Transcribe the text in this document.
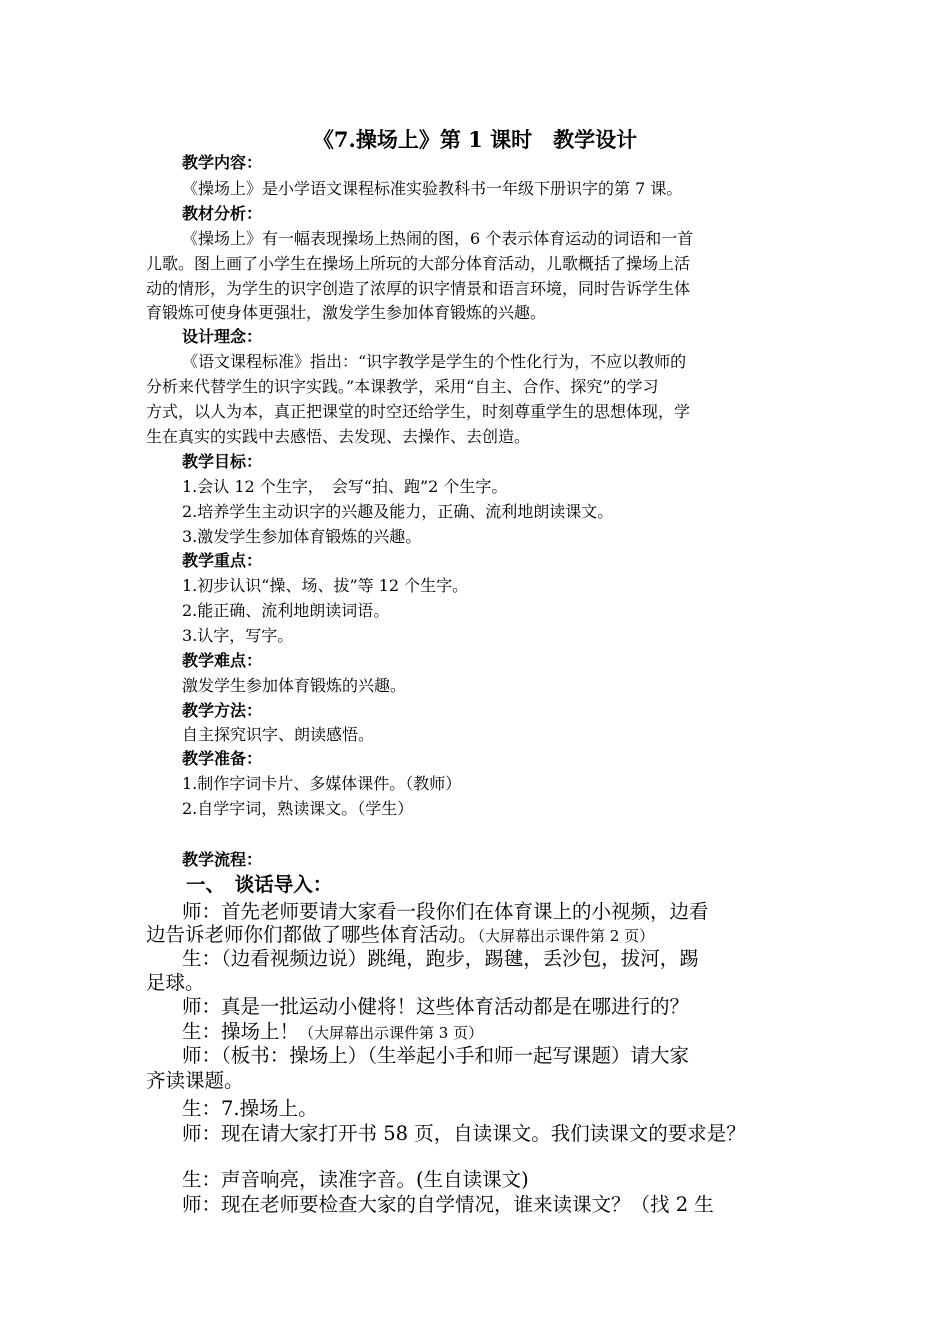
《7.操场上》第 1 课时　教学设计
教学内容：
《操场上》是小学语文课程标准实验教科书一年级下册识字的第 7 课。
教材分析：
《操场上》有一幅表现操场上热闹的图，6 个表示体育运动的词语和一首
儿歌。图上画了小学生在操场上所玩的大部分体育活动，儿歌概括了操场上活
动的情形，为学生的识字创造了浓厚的识字情景和语言环境，同时告诉学生体
育锻炼可使身体更强壮，激发学生参加体育锻炼的兴趣。
设计理念：
《语文课程标准》指出：“识字教学是学生的个性化行为，不应以教师的
分析来代替学生的识字实践。”本课教学，采用“自主、合作、探究”的学习
方式，以人为本，真正把课堂的时空还给学生，时刻尊重学生的思想体现，学
生在真实的实践中去感悟、去发现、去操作、去创造。
教学目标：
1.会认 12 个生字，　会写“拍、跑”2 个生字。
2.培养学生主动识字的兴趣及能力，正确、流利地朗读课文。
3.激发学生参加体育锻炼的兴趣。
教学重点：
1.初步认识“操、场、拔”等 12 个生字。
2.能正确、流利地朗读词语。
3.认字，写字。
教学难点：
激发学生参加体育锻炼的兴趣。
教学方法：
自主探究识字、朗读感悟。
教学准备：
1.制作字词卡片、多媒体课件。（教师）
2.自学字词，熟读课文。（学生）
教学流程：
一、　谈话导入：
师：首先老师要请大家看一段你们在体育课上的小视频，边看
边告诉老师你们都做了哪些体育活动。（大屏幕出示课件第 2 页）
生：（边看视频边说）跳绳，跑步，踢毽，丢沙包，拔河，踢
足球。
师：真是一批运动小健将！这些体育活动都是在哪进行的？
生：操场上！（大屏幕出示课件第 3 页）
师：（板书：操场上）（生举起小手和师一起写课题）请大家
齐读课题。
生：7.操场上。
师：现在请大家打开书 58 页，自读课文。我们读课文的要求是？
生：声音响亮，读准字音。(生自读课文)
师：现在老师要检查大家的自学情况，谁来读课文？（找 2 生
